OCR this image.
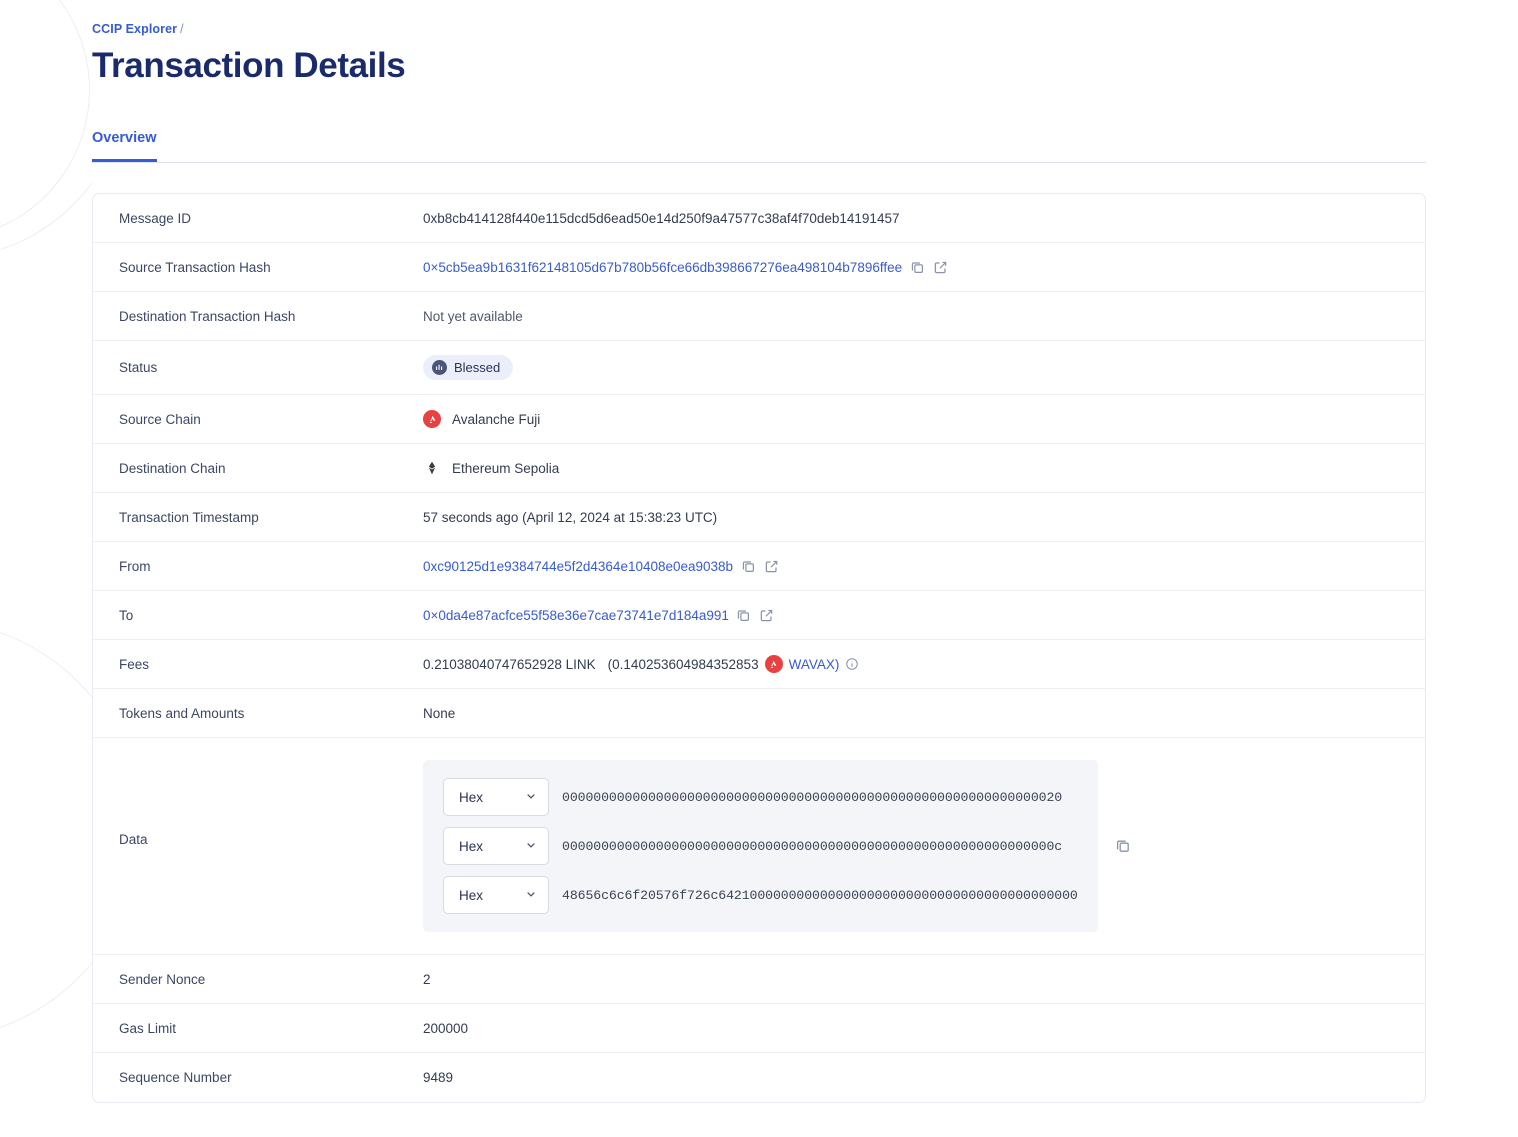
CCIP Explorer /
Transaction Details
Overview
Message ID	0xb8cb414128f440e115dcd5d6ead50e14d250f9a47577c38af4f70deb14191457
Source Transaction Hash	0×5cb5ea9b1631f62148105d67b780b56fce66db398667276ea498104b7896ffee
Destination Transaction Hash	Not yet available
Status	Blessed
Source Chain	Avalanche Fuji
Destination Chain	Ethereum Sepolia
Transaction Timestamp	57 seconds ago (April 12, 2024 at 15:38:23 UTC)
From	0xc90125d1e9384744e5f2d4364e10408e0ea9038b
To	0×0da4e87acfce55f58e36e7cae73741e7d184a991
Fees	0.21038040747652928 LINK (0.140253604984352853 WAVAX)
Tokens and Amounts	None
Data
Hex	0000000000000000000000000000000000000000000000000000000000000020
Hex	000000000000000000000000000000000000000000000000000000000000000c
Hex	48656c6c6f20576f726c6421000000000000000000000000000000000000000000
Sender Nonce	2
Gas Limit	200000
Sequence Number	9489
